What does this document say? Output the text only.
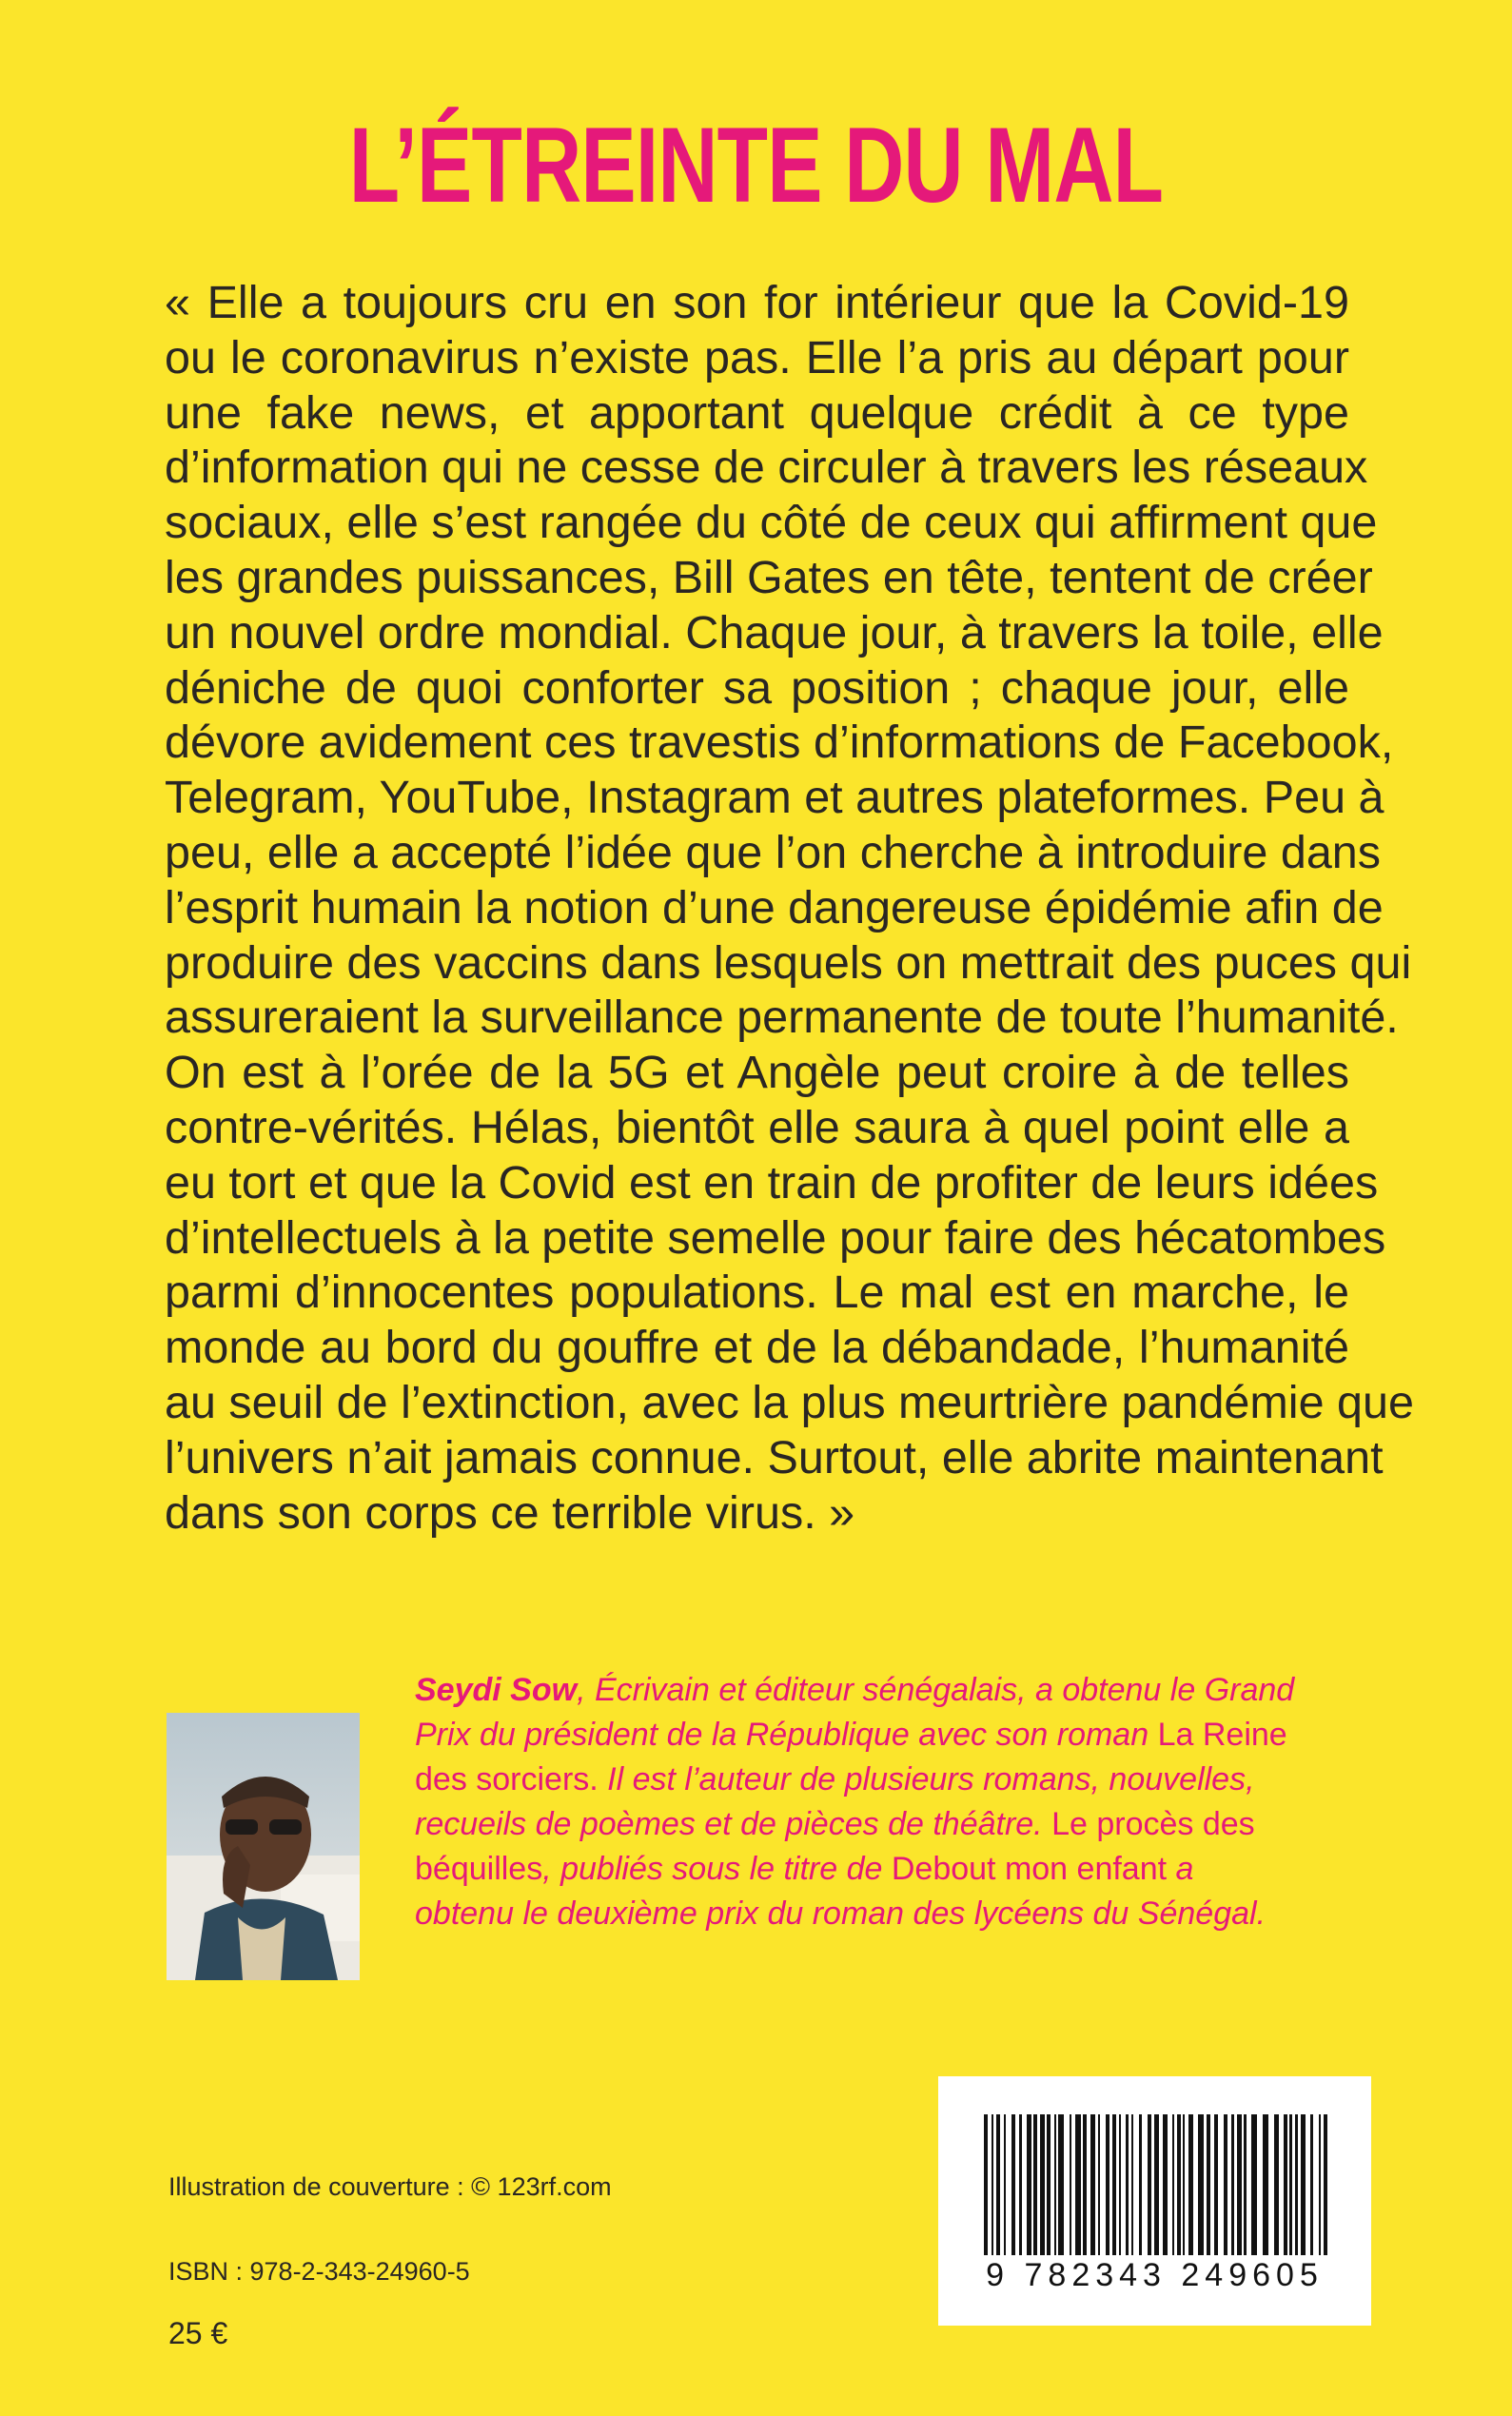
L’ÉTREINTE DU MAL
« Elle a toujours cru en son for intérieur que la Covid-19
ou le coronavirus n’existe pas. Elle l’a pris au départ pour
une fake news, et apportant quelque crédit à ce type
d’information qui ne cesse de circuler à travers les réseaux
sociaux, elle s’est rangée du côté de ceux qui affirment que
les grandes puissances, Bill Gates en tête, tentent de créer
un nouvel ordre mondial. Chaque jour, à travers la toile, elle
déniche de quoi conforter sa position ; chaque jour, elle
dévore avidement ces travestis d’informations de Facebook,
Telegram, YouTube, Instagram et autres plateformes. Peu à
peu, elle a accepté l’idée que l’on cherche à introduire dans
l’esprit humain la notion d’une dangereuse épidémie afin de
produire des vaccins dans lesquels on mettrait des puces qui
assureraient la surveillance permanente de toute l’humanité.
On est à l’orée de la 5G et Angèle peut croire à de telles
contre-vérités. Hélas, bientôt elle saura à quel point elle a
eu tort et que la Covid est en train de profiter de leurs idées
d’intellectuels à la petite semelle pour faire des hécatombes
parmi d’innocentes populations. Le mal est en marche, le
monde au bord du gouffre et de la débandade, l’humanité
au seuil de l’extinction, avec la plus meurtrière pandémie que
l’univers n’ait jamais connue. Surtout, elle abrite maintenant
dans son corps ce terrible virus. »
Seydi Sow, Écrivain et éditeur sénégalais, a obtenu le Grand
Prix du président de la République avec son roman La Reine
des sorciers. Il est l’auteur de plusieurs romans, nouvelles,
recueils de poèmes et de pièces de théâtre. Le procès des
béquilles, publiés sous le titre de Debout mon enfant a
obtenu le deuxième prix du roman des lycéens du Sénégal.
Illustration de couverture : © 123rf.com
ISBN : 978-2-343-24960-5
25 €
9 782343 249605
